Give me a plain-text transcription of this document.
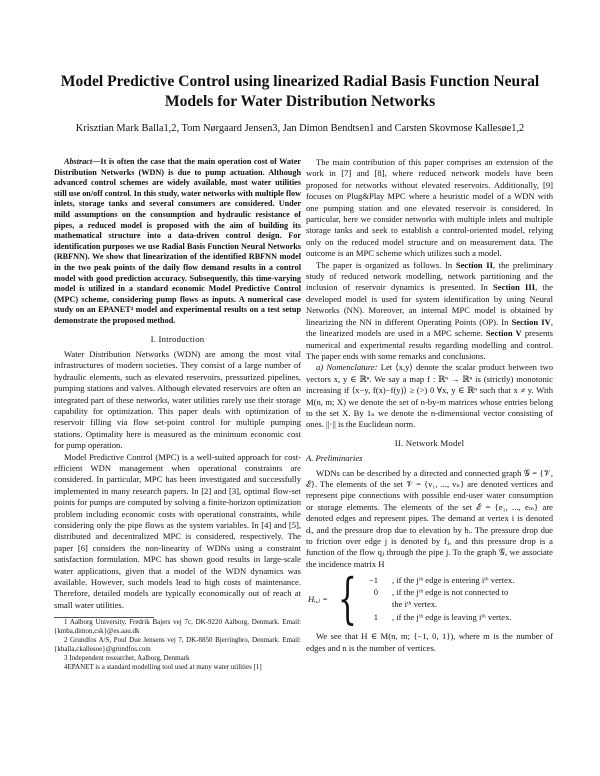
Model Predictive Control using linearized Radial Basis Function Neural
Models for Water Distribution Networks
Krisztian Mark Balla1,2, Tom Nørgaard Jensen3, Jan Dimon Bendtsen1 and Carsten Skovmose Kallesøe1,2

Abstract—It is often the case that the main operation cost of Water Distribution Networks (WDN) is due to pump actuation. Although advanced control schemes are widely available, most water utilities still use on/off control. In this study, water networks with multiple flow inlets, storage tanks and several consumers are considered. Under mild assumptions on the consumption and hydraulic resistance of pipes, a reduced model is proposed with the aim of building its mathematical structure into a data-driven control design. For identification purposes we use Radial Basis Function Neural Networks (RBFNN). We show that linearization of the identified RBFNN model in the two peak points of the daily flow demand results in a control model with good prediction accuracy. Subsequently, this time-varying model is utilized in a standard economic Model Predictive Control (MPC) scheme, considering pump flows as inputs. A numerical case study on an EPANET⁴ model and experimental results on a test setup demonstrate the proposed method.

I. Introduction

Water Distribution Networks (WDN) are among the most vital infrastructures of modern societies. They consist of a large number of hydraulic elements, such as elevated reservoirs, pressurized pipelines, pumping stations and valves. Although elevated reservoirs are often an integrated part of these networks, water utilities rarely use their storage capability for optimization. This paper deals with optimization of reservoir filling via flow set-point control for multiple pumping stations. Optimality here is measured as the minimum economic cost for pump operation.

Model Predictive Control (MPC) is a well-suited approach for cost-efficient WDN management when operational constraints are considered. In particular, MPC has been investigated and successfully implemented in many research papers. In [2] and [3], optimal flow-set points for pumps are computed by solving a finite-horizon optimization problem including economic costs with operational constraints, while considering only the pipe flows as the system variables. In [4] and [5], distributed and decentralized MPC is considered, respectively. The paper [6] considers the non-linearity of WDNs using a constraint satisfaction formulation. MPC has shown good results in large-scale water applications, given that a model of the WDN dynamics was available. However, such models lead to high costs of maintenance. Therefore, detailed models are typically economically out of reach at small water utilities.

1 Aalborg University, Fredrik Bajers vej 7c, DK-9220 Aalborg, Denmark. Email: {kmba,dimon,csk}@es.aau.dk

2 Grundfos A/S, Poul Due Jensens vej 7, DK-8850 Bjerringbro, Denmark. Email: {khalla,ckallesoe}@grundfos.com

3 Independent researcher, Aalborg, Denmark

4EPANET is a standard modelling tool used at many water utilities [1]

The main contribution of this paper comprises an extension of the work in [7] and [8], where reduced network models have been proposed for networks without elevated reservoirs. Additionally, [9] focuses on Plug&Play MPC where a heuristic model of a WDN with one pumping station and one elevated reservoir is considered. In particular, here we consider networks with multiple inlets and multiple storage tanks and seek to establish a control-oriented model, relying only on the reduced model structure and on measurement data. The outcome is an MPC scheme which utilizes such a model.

The paper is organized as follows. In Section II, the preliminary study of reduced network modelling, network partitioning and the inclusion of reservoir dynamics is presented. In Section III, the developed model is used for system identification by using Neural Networks (NN). Moreover, an internal MPC model is obtained by linearizing the NN in different Operating Points (OP). In Section IV, the linearized models are used in a MPC scheme. Section V presents numerical and experimental results regarding modelling and control. The paper ends with some remarks and conclusions.

a) Nomenclature: Let ⟨x,y⟩ denote the scalar product between two vectors x, y ∈ ℝⁿ. We say a map f : ℝⁿ → ℝⁿ is (strictly) monotonic increasing if ⟨x−y, f(x)−f(y)⟩ ≥ (>) 0 ∀x, y ∈ ℝⁿ such that x ≠ y. With M(n, m; X) we denote the set of n-by-m matrices whose entries belong to the set X. By 1ₙ we denote the n-dimensional vector consisting of ones. ||·|| is the Euclidean norm.

II. Network Model
A. Preliminaries

WDNs can be described by a directed and connected graph 𝒢 = {𝒱, ℰ}. The elements of the set 𝒱 = {v₁, ..., vₙ} are denoted vertices and represent pipe connections with possible end-user water consumption or storage elements. The elements of the set ℰ = {e₁, ..., eₘ} are denoted edges and represent pipes. The demand at vertex i is denoted dᵢ, and the pressure drop due to elevation by hᵢ. The pressure drop due to friction over edge j is denoted by fⱼ, and this pressure drop is a function of the flow qⱼ through the pipe j. To the graph 𝒢, we associate the incidence matrix H

Hᵢ,ⱼ = {	−1 , if the jᵗʰ edge is entering iᵗʰ vertex.
0 , if the jᵗʰ edge is not connected to
the iᵗʰ vertex.
1 , if the jᵗʰ edge is leaving iᵗʰ vertex.

We see that H ∈ M(n, m; {−1, 0, 1}), where m is the number of edges and n is the number of vertices.
